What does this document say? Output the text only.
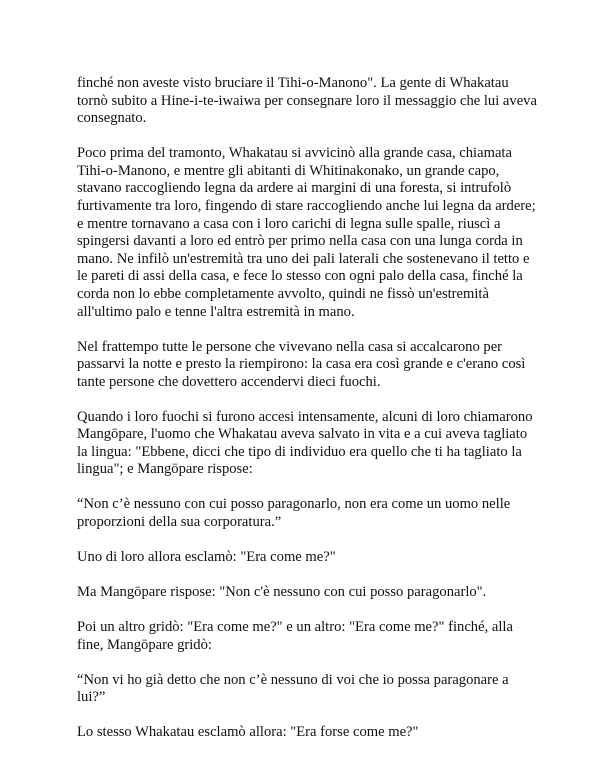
finché non aveste visto bruciare il Tihi-o-Manono". La gente di Whakatau tornò subito a Hine-i-te-iwaiwa per consegnare loro il messaggio che lui aveva consegnato.

Poco prima del tramonto, Whakatau si avvicinò alla grande casa, chiamata Tihi-o-Manono, e mentre gli abitanti di Whitinakonako, un grande capo, stavano raccogliendo legna da ardere ai margini di una foresta, si intrufolò furtivamente tra loro, fingendo di stare raccogliendo anche lui legna da ardere; e mentre tornavano a casa con i loro carichi di legna sulle spalle, riuscì a spingersi davanti a loro ed entrò per primo nella casa con una lunga corda in mano. Ne infilò un'estremità tra uno dei pali laterali che sostenevano il tetto e le pareti di assi della casa, e fece lo stesso con ogni palo della casa, finché la corda non lo ebbe completamente avvolto, quindi ne fissò un'estremità all'ultimo palo e tenne l'altra estremità in mano.

Nel frattempo tutte le persone che vivevano nella casa si accalcarono per passarvi la notte e presto la riempirono: la casa era così grande e c'erano così tante persone che dovettero accendervi dieci fuochi.

Quando i loro fuochi si furono accesi intensamente, alcuni di loro chiamarono Mangōpare, l'uomo che Whakatau aveva salvato in vita e a cui aveva tagliato la lingua: "Ebbene, dicci che tipo di individuo era quello che ti ha tagliato la lingua"; e Mangōpare rispose:

“Non c’è nessuno con cui posso paragonarlo, non era come un uomo nelle proporzioni della sua corporatura.”

Uno di loro allora esclamò: "Era come me?"

Ma Mangōpare rispose: "Non c'è nessuno con cui posso paragonarlo".

Poi un altro gridò: "Era come me?" e un altro: "Era come me?" finché, alla fine, Mangōpare gridò:

“Non vi ho già detto che non c’è nessuno di voi che io possa paragonare a lui?”

Lo stesso Whakatau esclamò allora: "Era forse come me?"
